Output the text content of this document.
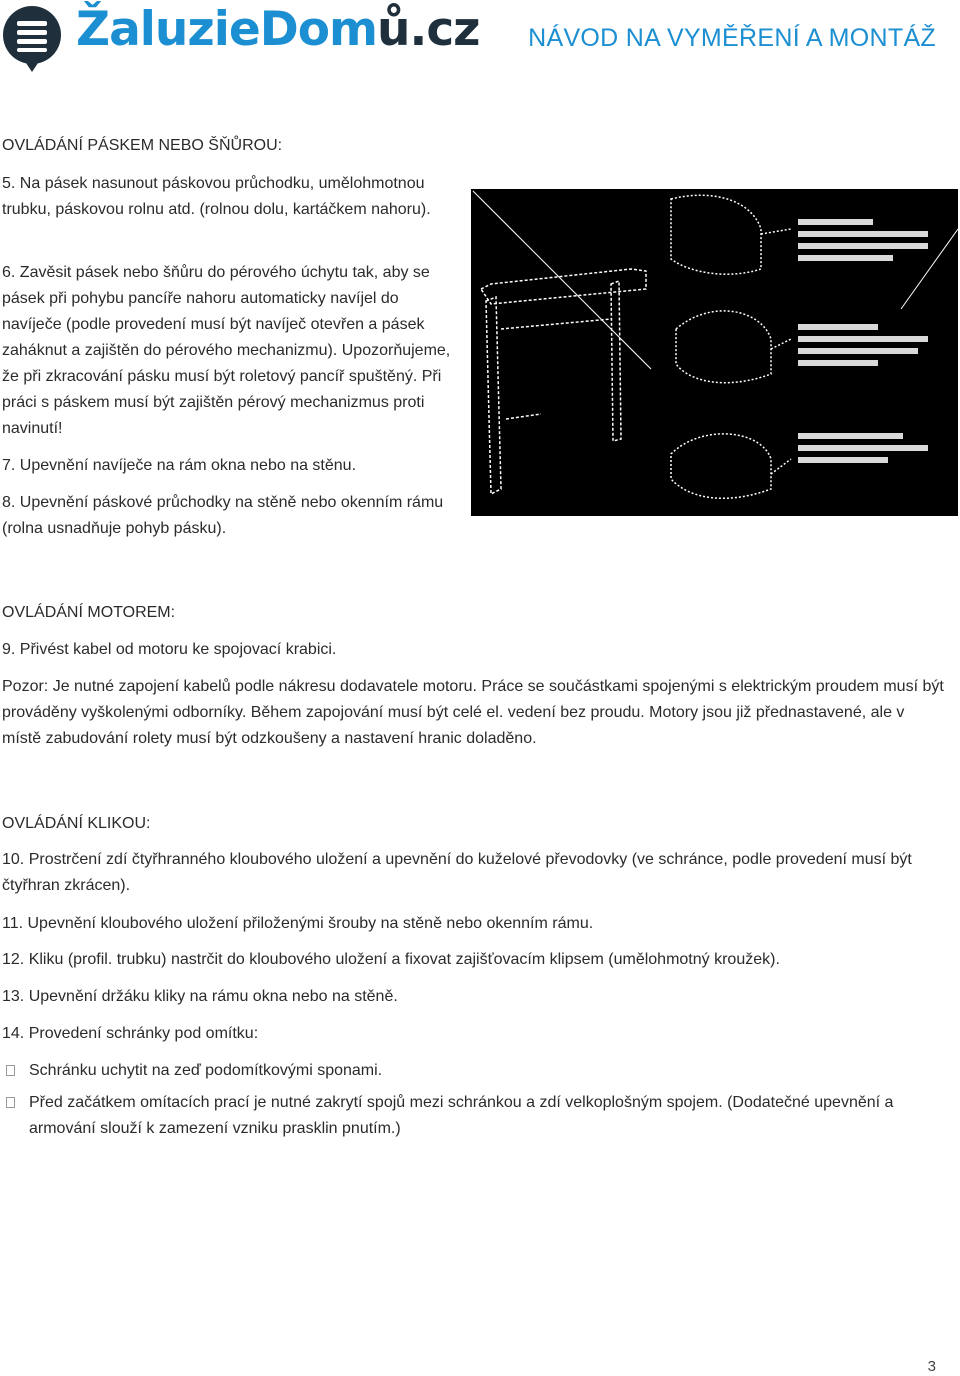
ŽaluzieDomů.cz NÁVOD NA VYMĚŘENÍ A MONTÁŽ
OVLÁDÁNÍ PÁSKEM NEBO ŠŇŮROU:
5. Na pásek nasunout páskovou průchodku, umělohmotnou trubku, páskovou rolnu atd. (rolnou dolu, kartáčkem nahoru).
6. Zavěsit pásek nebo šňůru do pérového úchytu tak, aby se pásek při pohybu pancíře nahoru automaticky navíjel do navíječe (podle provedení musí být navíječ otevřen a pásek zaháknut a zajištěn do pérového mechanizmu). Upozorňujeme, že při zkracování pásku musí být roletový pancíř spuštěný. Při práci s páskem musí být zajištěn pérový mechanizmus proti navinutí!
7. Upevnění navíječe na rám okna nebo na stěnu.
8. Upevnění páskové průchodky na stěně nebo okenním rámu (rolna usnadňuje pohyb pásku).
OVLÁDÁNÍ MOTOREM:
9. Přivést kabel od motoru ke spojovací krabici.
Pozor: Je nutné zapojení kabelů podle nákresu dodavatele motoru. Práce se součástkami spojenými s elektrickým proudem musí být prováděny vyškolenými odborníky. Během zapojování musí být celé el. vedení bez proudu. Motory jsou již přednastavené, ale v místě zabudování rolety musí být odzkoušeny a nastavení hranic doladěno.
OVLÁDÁNÍ KLIKOU:
10. Prostrčení zdí čtyřhranného kloubového uložení a upevnění do kuželové převodovky (ve schránce, podle provedení musí být čtyřhran zkrácen).
11. Upevnění kloubového uložení přiloženými šrouby na stěně nebo okenním rámu.
12. Kliku (profil. trubku) nastrčit do kloubového uložení a fixovat zajišťovacím klipsem (umělohmotný kroužek).
13. Upevnění držáku kliky na rámu okna nebo na stěně.
14. Provedení schránky pod omítku:
Schránku uchytit na zeď podomítkovými sponami.
Před začátkem omítacích prací je nutné zakrytí spojů mezi schránkou a zdí velkoplošným spojem. (Dodatečné upevnění a armování slouží k zamezení vzniku prasklin pnutím.)
3
